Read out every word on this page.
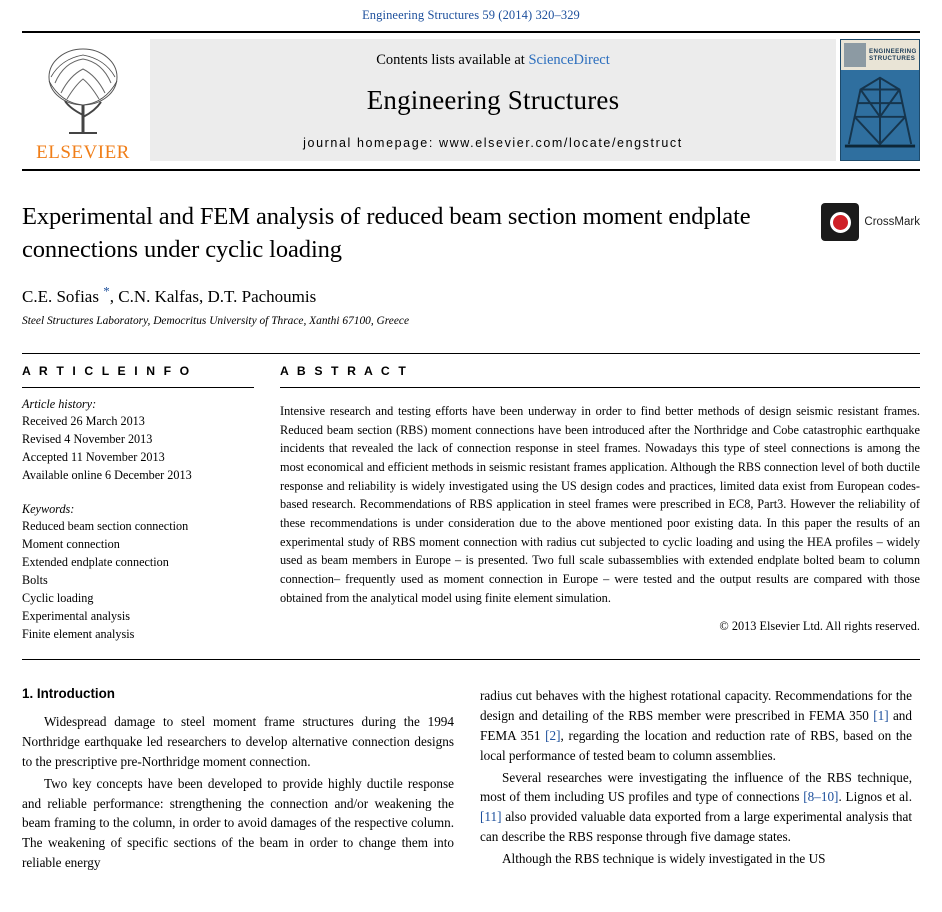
Engineering Structures 59 (2014) 320–329
ELSEVIER
Contents lists available at ScienceDirect
Engineering Structures
journal homepage: www.elsevier.com/locate/engstruct
ENGINEERING
STRUCTURES
Experimental and FEM analysis of reduced beam section moment endplate connections under cyclic loading
C.E. Sofias *, C.N. Kalfas, D.T. Pachoumis
Steel Structures Laboratory, Democritus University of Thrace, Xanthi 67100, Greece
CrossMark
A R T I C L E I N F O
Article history:
Received 26 March 2013
Revised 4 November 2013
Accepted 11 November 2013
Available online 6 December 2013
Keywords:
Reduced beam section connection
Moment connection
Extended endplate connection
Bolts
Cyclic loading
Experimental analysis
Finite element analysis
A B S T R A C T
Intensive research and testing efforts have been underway in order to find better methods of design seismic resistant frames. Reduced beam section (RBS) moment connections have been introduced after the Northridge and Cobe catastrophic earthquake incidents that revealed the lack of connection response in steel frames. Nowadays this type of steel connections is among the most economical and efficient methods in seismic resistant frames application. Although the RBS connection level of both ductile response and reliability is widely investigated using the US design codes and practices, limited data exist from European codes-based research. Recommendations of RBS application in steel frames were prescribed in EC8, Part3. However the reliability of these recommendations is under consideration due to the above mentioned poor existing data. In this paper the results of an experimental study of RBS moment connection with radius cut subjected to cyclic loading and using the HEA profiles – widely used as beam members in Europe – is presented. Two full scale subassemblies with extended endplate bolted beam to column connection– frequently used as moment connection in Europe – were tested and the output results are compared with those obtained from the analytical model using finite element simulation.
© 2013 Elsevier Ltd. All rights reserved.
1. Introduction

Widespread damage to steel moment frame structures during the 1994 Northridge earthquake led researchers to develop alternative connection designs to the prescriptive pre-Northridge moment connection.

Two key concepts have been developed to provide highly ductile response and reliable performance: strengthening the connection and/or weakening the beam framing to the column, in order to avoid damages of the respective column. The weakening of specific sections of the beam in order to change them into reliable energy

radius cut behaves with the highest rotational capacity. Recommendations for the design and detailing of the RBS member were prescribed in FEMA 350 [1] and FEMA 351 [2], regarding the location and reduction rate of RBS, based on the local performance of tested beam to column assemblies.

Several researches were investigating the influence of the RBS technique, most of them including US profiles and type of connections [8–10]. Lignos et al. [11] also provided valuable data exported from a large experimental analysis that can describe the RBS response through five damage states.

Although the RBS technique is widely investigated in the US
